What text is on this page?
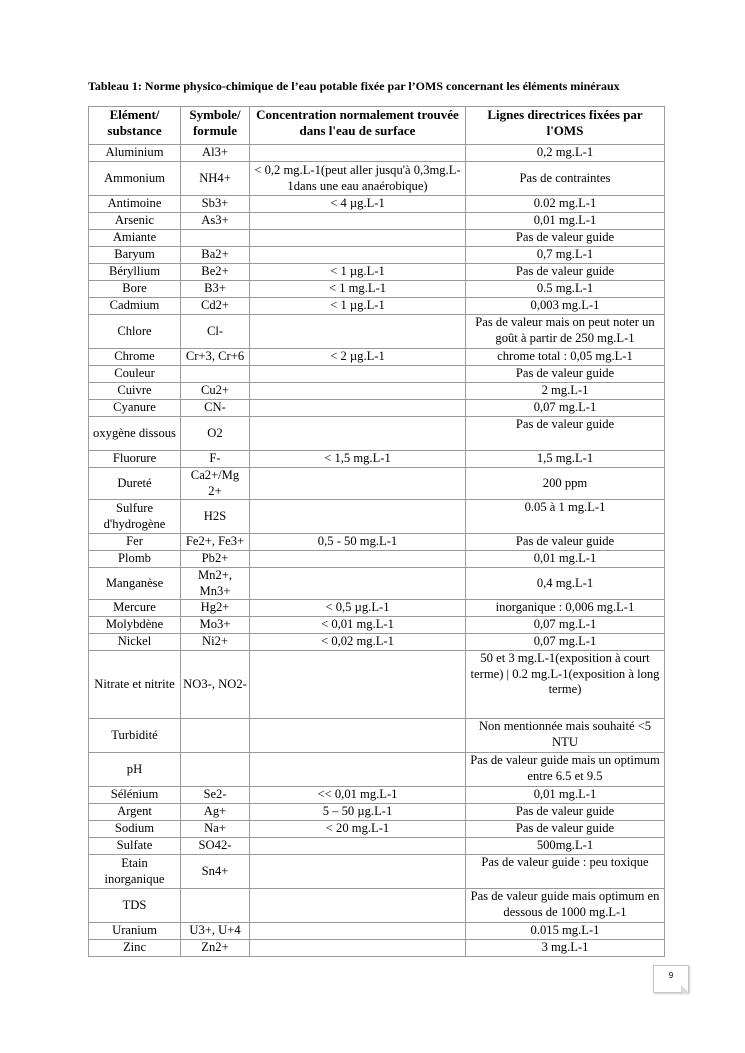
Tableau 1: Norme physico-chimique de l’eau potable fixée par l’OMS concernant les éléments minéraux
Elément/ substance	Symbole/ formule	Concentration normalement trouvée dans l'eau de surface	Lignes directrices fixées par l'OMS
Aluminium	Al3+		0,2 mg.L-1
Ammonium	NH4+	< 0,2 mg.L-1(peut aller jusqu'à 0,3mg.L-1dans une eau anaérobique)	Pas de contraintes
Antimoine	Sb3+	< 4 µg.L-1	0.02 mg.L-1
Arsenic	As3+		0,01 mg.L-1
Amiante			Pas de valeur guide
Baryum	Ba2+		0,7 mg.L-1
Béryllium	Be2+	< 1 µg.L-1	Pas de valeur guide
Bore	B3+	< 1 mg.L-1	0.5 mg.L-1
Cadmium	Cd2+	< 1 µg.L-1	0,003 mg.L-1
Chlore	Cl-		Pas de valeur mais on peut noter un goût à partir de 250 mg.L-1
Chrome	Cr+3, Cr+6	< 2 µg.L-1	chrome total : 0,05 mg.L-1
Couleur			Pas de valeur guide
Cuivre	Cu2+		2 mg.L-1
Cyanure	CN-		0,07 mg.L-1
oxygène dissous	O2		Pas de valeur guide
Fluorure	F-	< 1,5 mg.L-1	1,5 mg.L-1
Dureté	Ca2+/Mg 2+		200 ppm
Sulfure d'hydrogène	H2S		0.05 à 1 mg.L-1
Fer	Fe2+, Fe3+	0,5 - 50 mg.L-1	Pas de valeur guide
Plomb	Pb2+		0,01 mg.L-1
Manganèse	Mn2+, Mn3+		0,4 mg.L-1
Mercure	Hg2+	< 0,5 µg.L-1	inorganique : 0,006 mg.L-1
Molybdène	Mo3+	< 0,01 mg.L-1	0,07 mg.L-1
Nickel	Ni2+	< 0,02 mg.L-1	0,07 mg.L-1
Nitrate et nitrite	NO3-, NO2-		50 et 3 mg.L-1(exposition à court terme) | 0.2 mg.L-1(exposition à long terme)
Turbidité			Non mentionnée mais souhaité <5 NTU
pH			Pas de valeur guide mais un optimum entre 6.5 et 9.5
Sélénium	Se2-	<< 0,01 mg.L-1	0,01 mg.L-1
Argent	Ag+	5 – 50 µg.L-1	Pas de valeur guide
Sodium	Na+	< 20 mg.L-1	Pas de valeur guide
Sulfate	SO42-		500mg.L-1
Etain inorganique	Sn4+		Pas de valeur guide : peu toxique
TDS			Pas de valeur guide mais optimum en dessous de 1000 mg.L-1
Uranium	U3+, U+4		0.015 mg.L-1
Zinc	Zn2+		3 mg.L-1
9
